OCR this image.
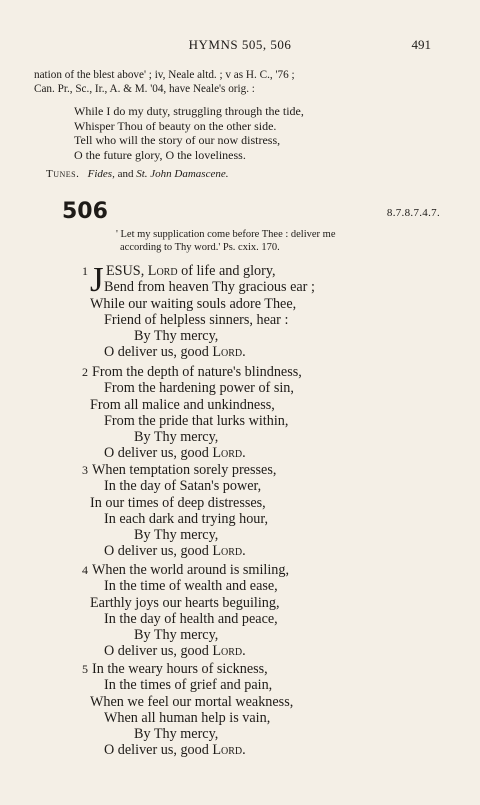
HYMNS 505, 506	491
nation of the blest above' ; iv, Neale altd. ; v as H. C., '76 ;
Can. Pr., Sc., Ir., A. & M. '04, have Neale's orig. :
While I do my duty, struggling through the tide,
Whisper Thou of beauty on the other side.
Tell who will the story of our now distress,
O the future glory, O the loveliness.
Tunes. Fides, and St. John Damascene.
506	8.7.8.7.4.7.
' Let my supplication come before Thee : deliver me
according to Thy word.' Ps. cxix. 170.
1 J ESUS, Lord of life and glory,
Bend from heaven Thy gracious ear ;
While our waiting souls adore Thee,
Friend of helpless sinners, hear :
By Thy mercy,
O deliver us, good Lord.
2 From the depth of nature's blindness,
From the hardening power of sin,
From all malice and unkindness,
From the pride that lurks within,
By Thy mercy,
O deliver us, good Lord.
3 When temptation sorely presses,
In the day of Satan's power,
In our times of deep distresses,
In each dark and trying hour,
By Thy mercy,
O deliver us, good Lord.
4 When the world around is smiling,
In the time of wealth and ease,
Earthly joys our hearts beguiling,
In the day of health and peace,
By Thy mercy,
O deliver us, good Lord.
5 In the weary hours of sickness,
In the times of grief and pain,
When we feel our mortal weakness,
When all human help is vain,
By Thy mercy,
O deliver us, good Lord.
